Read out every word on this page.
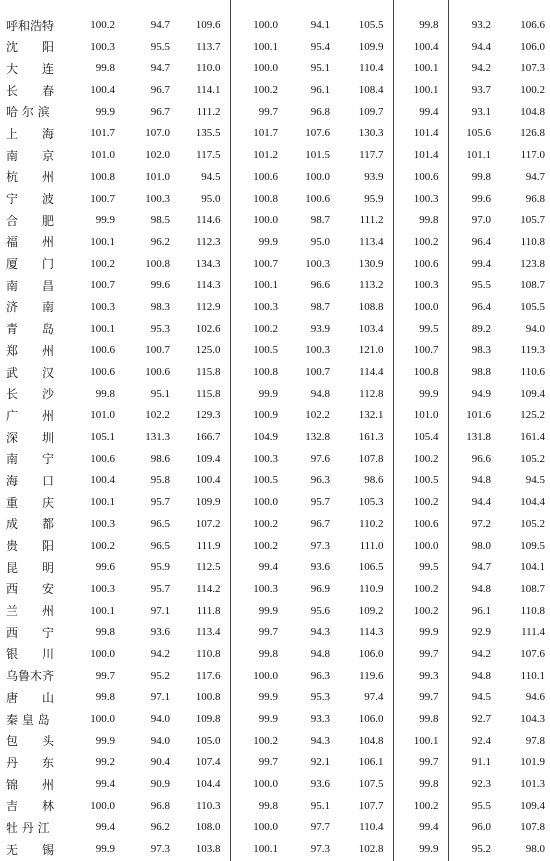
呼和浩特	100.2	94.7	109.6	100.0	94.1	105.5	99.8	93.2	106.6
沈　　阳	100.3	95.5	113.7	100.1	95.4	109.9	100.4	94.4	106.0
大　　连	99.8	94.7	110.0	100.0	95.1	110.4	100.1	94.2	107.3
长　　春	100.4	96.7	114.1	100.2	96.1	108.4	100.1	93.7	100.2
哈 尔 滨	99.9	96.7	111.2	99.7	96.8	109.7	99.4	93.1	104.8
上　　海	101.7	107.0	135.5	101.7	107.6	130.3	101.4	105.6	126.8
南　　京	101.0	102.0	117.5	101.2	101.5	117.7	101.4	101.1	117.0
杭　　州	100.8	101.0	94.5	100.6	100.0	93.9	100.6	99.8	94.7
宁　　波	100.7	100.3	95.0	100.8	100.6	95.9	100.3	99.6	96.8
合　　肥	99.9	98.5	114.6	100.0	98.7	111.2	99.8	97.0	105.7
福　　州	100.1	96.2	112.3	99.9	95.0	113.4	100.2	96.4	110.8
厦　　门	100.2	100.8	134.3	100.7	100.3	130.9	100.6	99.4	123.8
南　　昌	100.7	99.6	114.3	100.1	96.6	113.2	100.3	95.5	108.7
济　　南	100.3	98.3	112.9	100.3	98.7	108.8	100.0	96.4	105.5
青　　岛	100.1	95.3	102.6	100.2	93.9	103.4	99.5	89.2	94.0
郑　　州	100.6	100.7	125.0	100.5	100.3	121.0	100.7	98.3	119.3
武　　汉	100.6	100.6	115.8	100.8	100.7	114.4	100.8	98.8	110.6
长　　沙	99.8	95.1	115.8	99.9	94.8	112.8	99.9	94.9	109.4
广　　州	101.0	102.2	129.3	100.9	102.2	132.1	101.0	101.6	125.2
深　　圳	105.1	131.3	166.7	104.9	132.8	161.3	105.4	131.8	161.4
南　　宁	100.6	98.6	109.4	100.3	97.6	107.8	100.2	96.6	105.2
海　　口	100.4	95.8	100.4	100.5	96.3	98.6	100.5	94.8	94.5
重　　庆	100.1	95.7	109.9	100.0	95.7	105.3	100.2	94.4	104.4
成　　都	100.3	96.5	107.2	100.2	96.7	110.2	100.6	97.2	105.2
贵　　阳	100.2	96.5	111.9	100.2	97.3	111.0	100.0	98.0	109.5
昆　　明	99.6	95.9	112.5	99.4	93.6	106.5	99.5	94.7	104.1
西　　安	100.3	95.7	114.2	100.3	96.9	110.9	100.2	94.8	108.7
兰　　州	100.1	97.1	111.8	99.9	95.6	109.2	100.2	96.1	110.8
西　　宁	99.8	93.6	113.4	99.7	94.3	114.3	99.9	92.9	111.4
银　　川	100.0	94.2	110.8	99.8	94.8	106.0	99.7	94.2	107.6
乌鲁木齐	99.7	95.2	117.6	100.0	96.3	119.6	99.3	94.8	110.1
唐　　山	99.8	97.1	100.8	99.9	95.3	97.4	99.7	94.5	94.6
秦 皇 岛	100.0	94.0	109.8	99.9	93.3	106.0	99.8	92.7	104.3
包　　头	99.9	94.0	105.0	100.2	94.3	104.8	100.1	92.4	97.8
丹　　东	99.2	90.4	107.4	99.7	92.1	106.1	99.7	91.1	101.9
锦　　州	99.4	90.9	104.4	100.0	93.6	107.5	99.8	92.3	101.3
吉　　林	100.0	96.8	110.3	99.8	95.1	107.7	100.2	95.5	109.4
牡 丹 江	99.4	96.2	108.0	100.0	97.7	110.4	99.4	96.0	107.8
无　　锡	99.9	97.3	103.8	100.1	97.3	102.8	99.9	95.2	98.0
